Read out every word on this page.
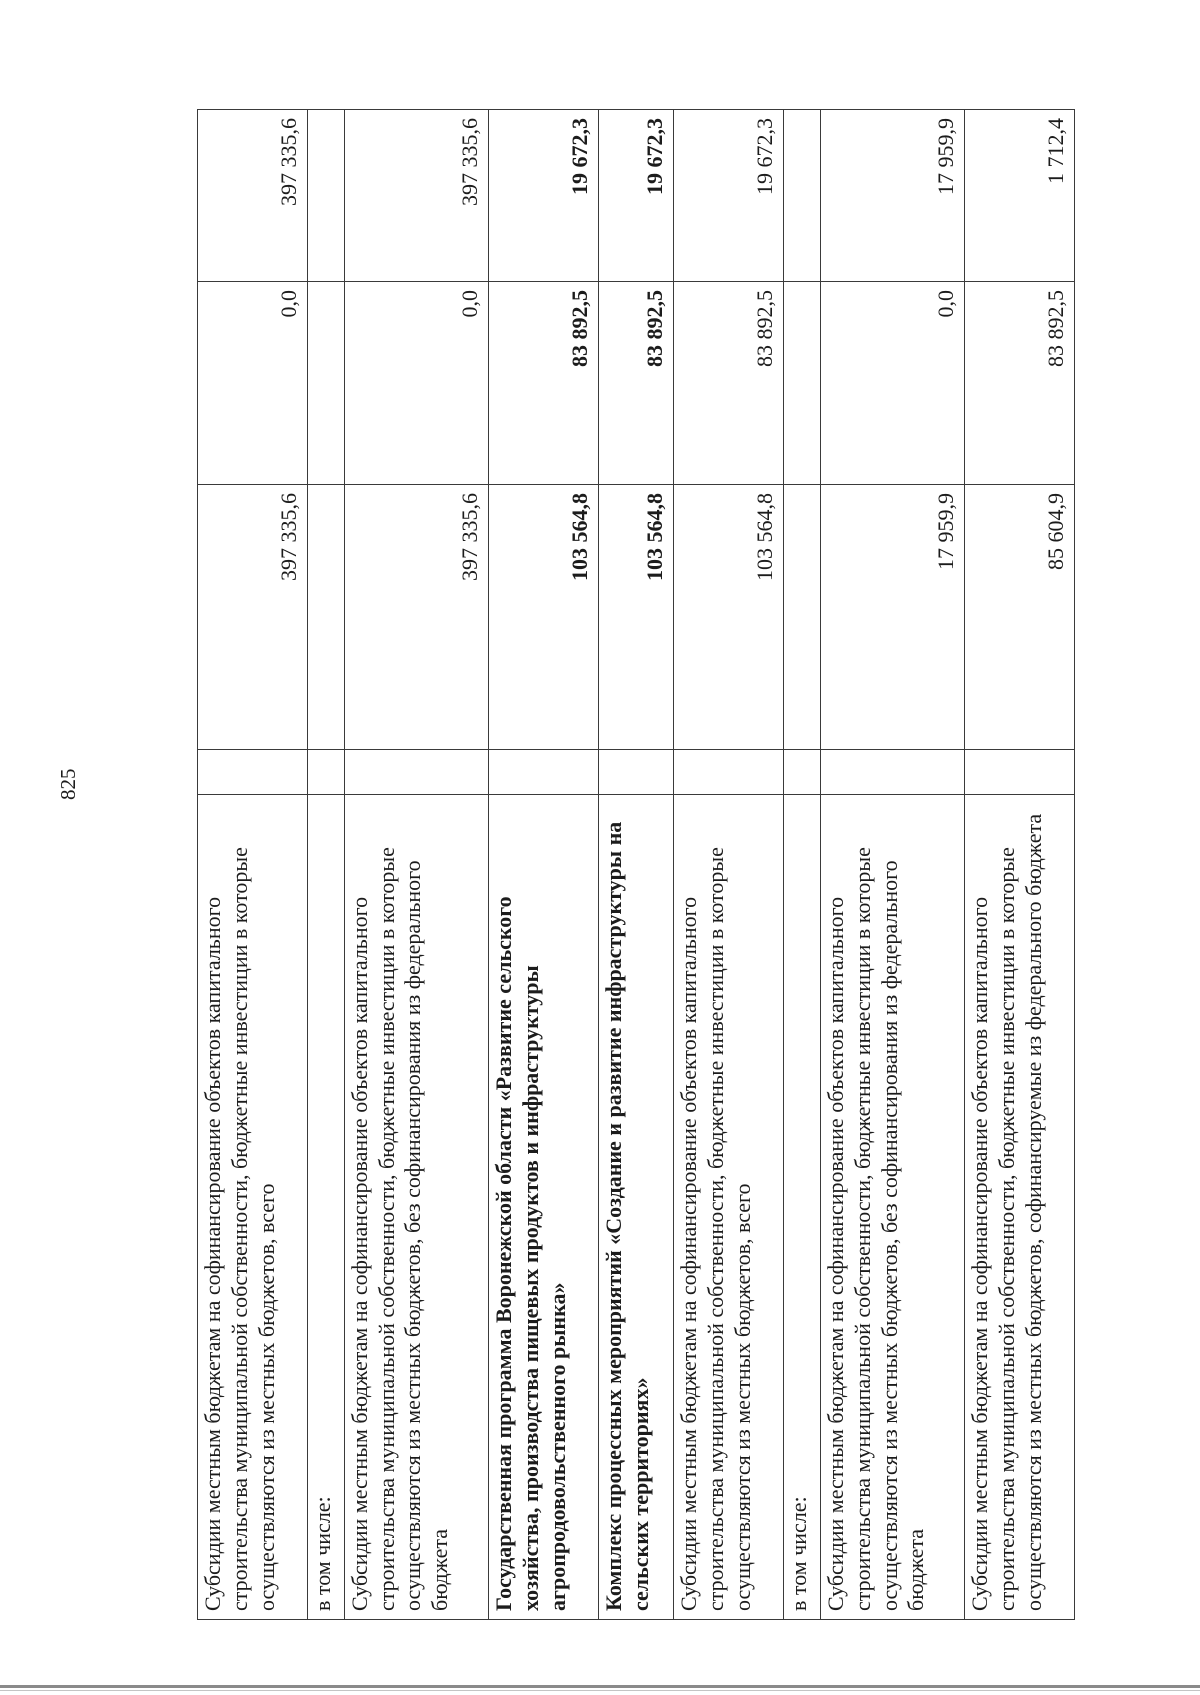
825
Субсидии местным бюджетам на софинансирование объектов капитального строительства муниципальной собственности, бюджетные инвестиции в которые осуществляются из местных бюджетов, всего		397 335,6	0,0	397 335,6
в том числе:				
Субсидии местным бюджетам на софинансирование объектов капитального строительства муниципальной собственности, бюджетные инвестиции в которые осуществляются из местных бюджетов, без софинансирования из федерального бюджета		397 335,6	0,0	397 335,6
Государственная программа Воронежской области «Развитие сельского хозяйства, производства пищевых продуктов и инфраструктуры агропродовольственного рынка»		103 564,8	83 892,5	19 672,3
Комплекс процессных мероприятий «Создание и развитие инфраструктуры на сельских территориях»		103 564,8	83 892,5	19 672,3
Субсидии местным бюджетам на софинансирование объектов капитального строительства муниципальной собственности, бюджетные инвестиции в которые осуществляются из местных бюджетов, всего		103 564,8	83 892,5	19 672,3
в том числе:				
Субсидии местным бюджетам на софинансирование объектов капитального строительства муниципальной собственности, бюджетные инвестиции в которые осуществляются из местных бюджетов, без софинансирования из федерального бюджета		17 959,9	0,0	17 959,9
Субсидии местным бюджетам на софинансирование объектов капитального строительства муниципальной собственности, бюджетные инвестиции в которые осуществляются из местных бюджетов, софинансируемые из федерального бюджета		85 604,9	83 892,5	1 712,4
